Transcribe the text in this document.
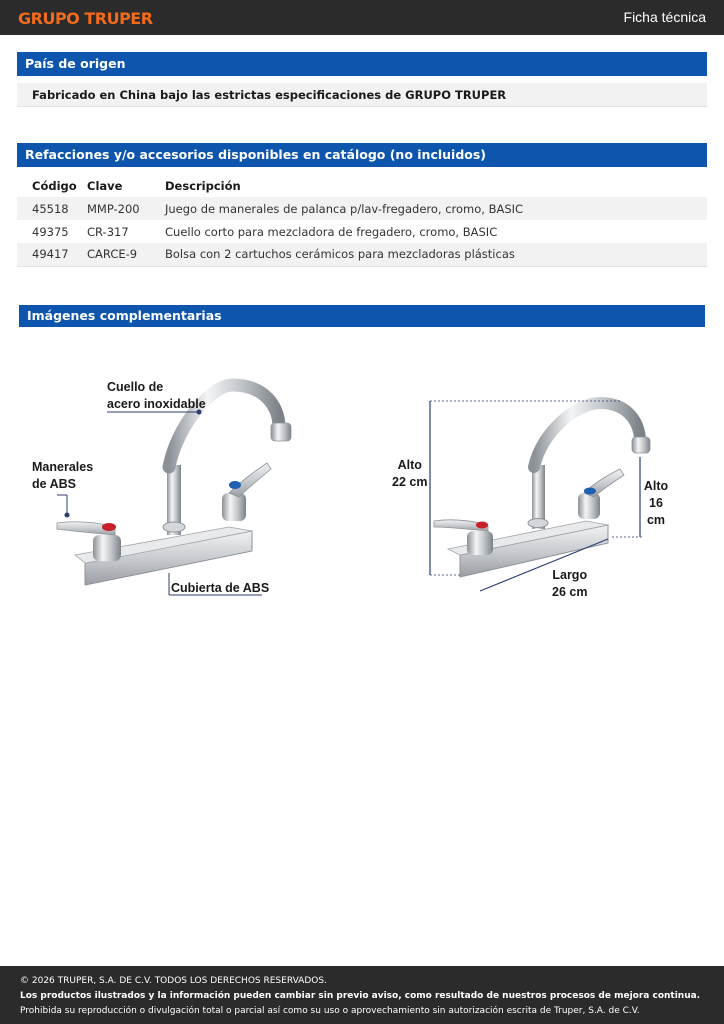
GRUPO TRUPER	Ficha técnica
País de origen
Fabricado en China bajo las estrictas especificaciones de GRUPO TRUPER
Refacciones y/o accesorios disponibles en catálogo (no incluidos)
Código	Clave	Descripción
45518	MMP-200	Juego de manerales de palanca p/lav-fregadero, cromo, BASIC
49375	CR-317	Cuello corto para mezcladora de fregadero, cromo, BASIC
49417	CARCE-9	Bolsa con 2 cartuchos cerámicos para mezcladoras plásticas
Imágenes complementarias
Cuello de
acero inoxidable
Manerales
de ABS
Cubierta de ABS
Alto
22 cm	Alto
16 cm
Largo
26 cm
© 2026 TRUPER, S.A. DE C.V. TODOS LOS DERECHOS RESERVADOS.
Los productos ilustrados y la información pueden cambiar sin previo aviso, como resultado de nuestros procesos de mejora continua.
Prohibida su reproducción o divulgación total o parcial así como su uso o aprovechamiento sin autorización escrita de Truper, S.A. de C.V.
